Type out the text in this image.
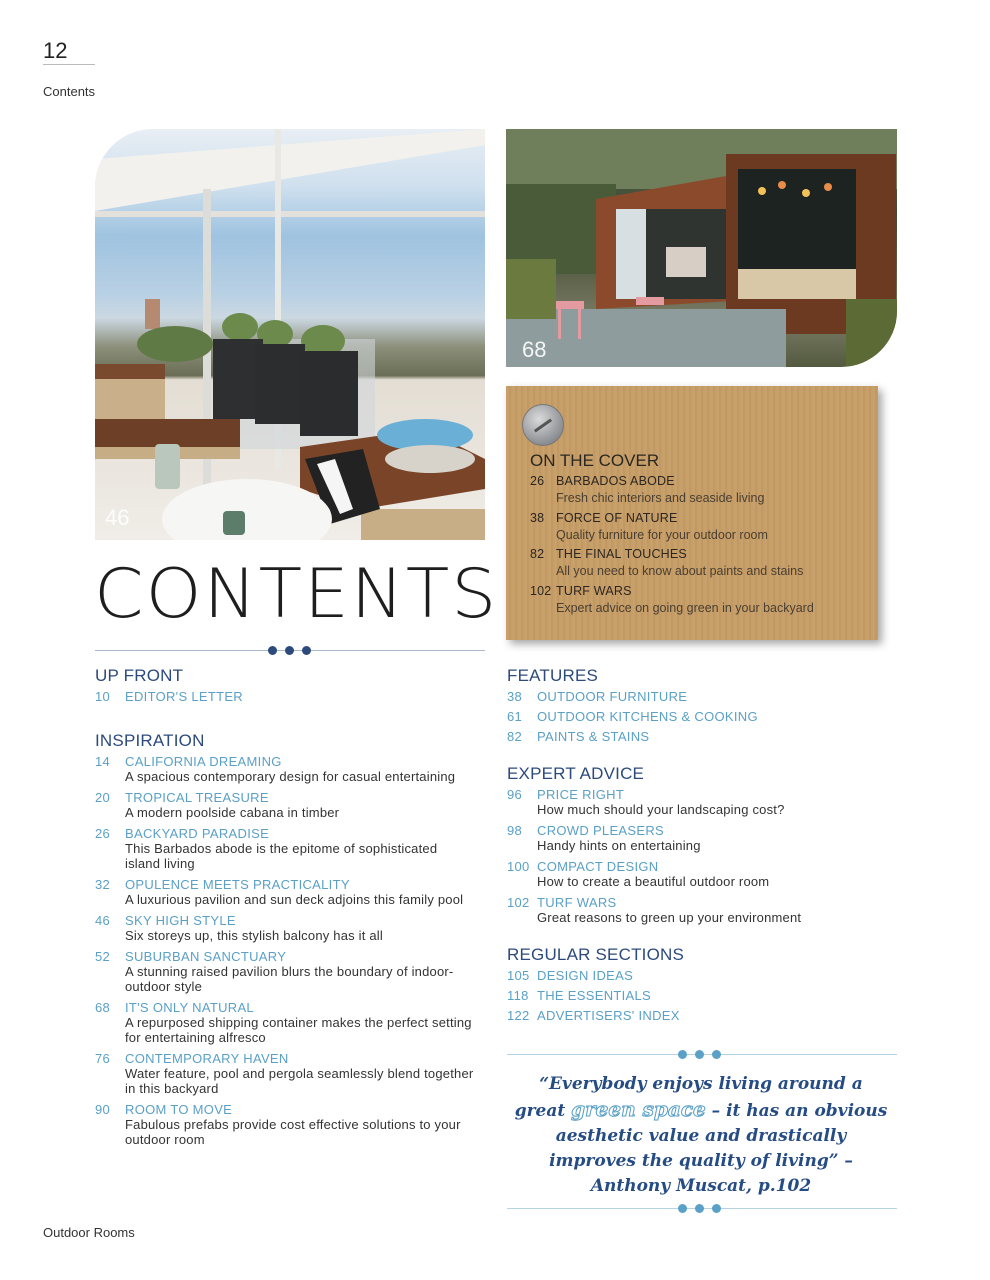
12
Contents
46
68
ON THE COVER
26 BARBADOS ABODE
Fresh chic interiors and seaside living
38 FORCE OF NATURE
Quality furniture for your outdoor room
82 THE FINAL TOUCHES
All you need to know about paints and stains
102 TURF WARS
Expert advice on going green in your backyard
CONTENTS
UP FRONT
10	EDITOR'S LETTER
INSPIRATION
14	CALIFORNIA DREAMING
A spacious contemporary design for casual entertaining
20	TROPICAL TREASURE
A modern poolside cabana in timber
26	BACKYARD PARADISE
This Barbados abode is the epitome of sophisticated island living
32	OPULENCE MEETS PRACTICALITY
A luxurious pavilion and sun deck adjoins this family pool
46	SKY HIGH STYLE
Six storeys up, this stylish balcony has it all
52	SUBURBAN SANCTUARY
A stunning raised pavilion blurs the boundary of indoor-outdoor style
68	IT'S ONLY NATURAL
A repurposed shipping container makes the perfect setting for entertaining alfresco
76	CONTEMPORARY HAVEN
Water feature, pool and pergola seamlessly blend together in this backyard
90	ROOM TO MOVE
Fabulous prefabs provide cost effective solutions to your outdoor room
FEATURES
38	OUTDOOR FURNITURE
61	OUTDOOR KITCHENS & COOKING
82	PAINTS & STAINS
EXPERT ADVICE
96	PRICE RIGHT
How much should your landscaping cost?
98	CROWD PLEASERS
Handy hints on entertaining
100 COMPACT DESIGN
How to create a beautiful outdoor room
102 TURF WARS
Great reasons to green up your environment
REGULAR SECTIONS
105 DESIGN IDEAS
118 THE ESSENTIALS
122 ADVERTISERS' INDEX
“Everybody enjoys living around a great green space – it has an obvious aesthetic value and drastically improves the quality of living” – Anthony Muscat, p.102
Outdoor Rooms
